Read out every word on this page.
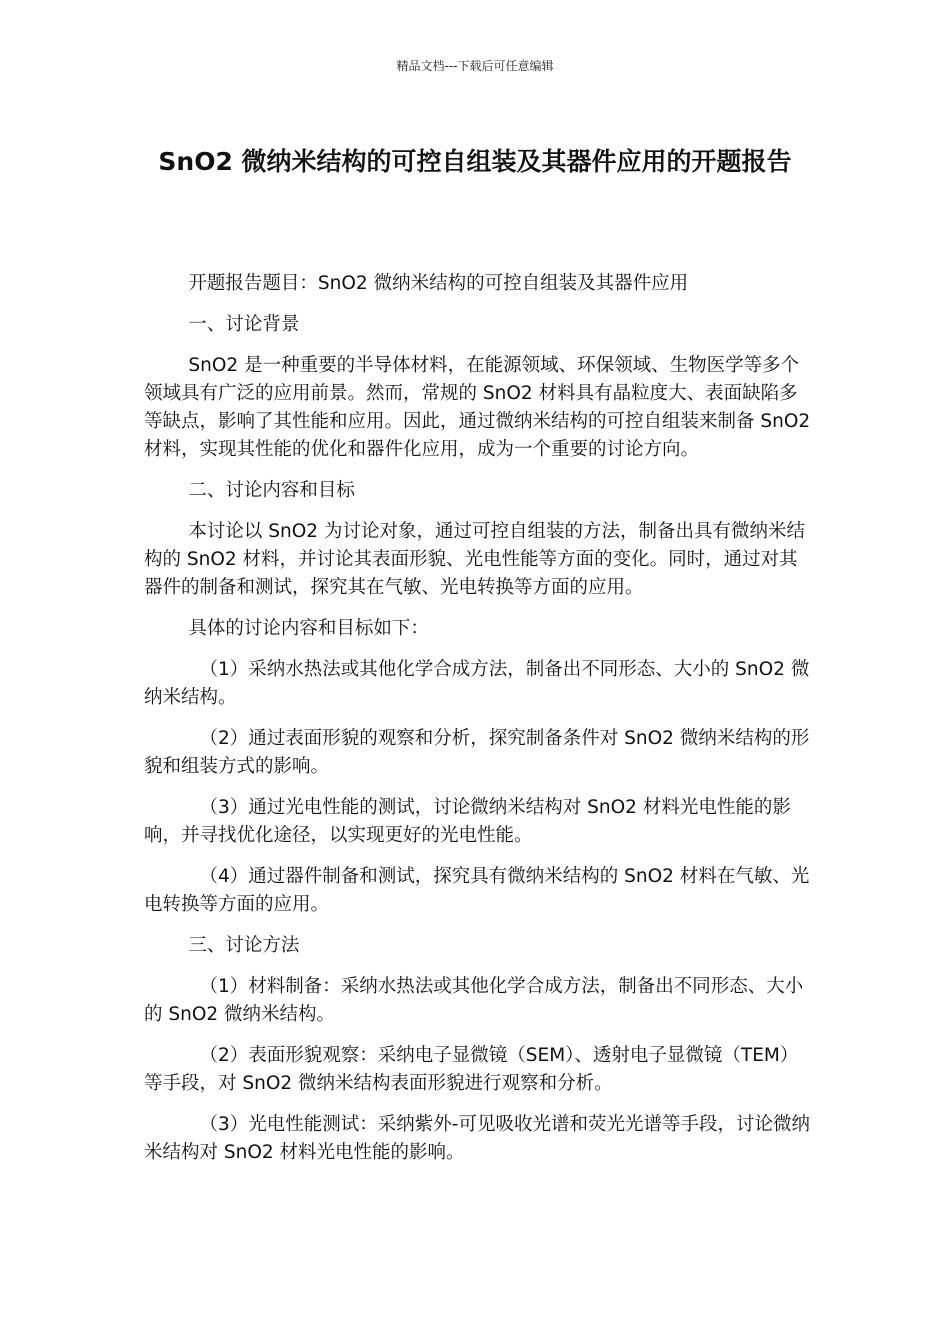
精品文档---下载后可任意编辑
SnO2 微纳米结构的可控自组装及其器件应用的开题报告

开题报告题目：SnO2 微纳米结构的可控自组装及其器件应用

一、讨论背景

SnO2 是一种重要的半导体材料，在能源领域、环保领域、生物医学等多个领域具有广泛的应用前景。然而，常规的 SnO2 材料具有晶粒度大、表面缺陷多等缺点，影响了其性能和应用。因此，通过微纳米结构的可控自组装来制备 SnO2 材料，实现其性能的优化和器件化应用，成为一个重要的讨论方向。

二、讨论内容和目标

本讨论以 SnO2 为讨论对象，通过可控自组装的方法，制备出具有微纳米结构的 SnO2 材料，并讨论其表面形貌、光电性能等方面的变化。同时，通过对其器件的制备和测试，探究其在气敏、光电转换等方面的应用。

具体的讨论内容和目标如下：

（1）采纳水热法或其他化学合成方法，制备出不同形态、大小的 SnO2 微纳米结构。

（2）通过表面形貌的观察和分析，探究制备条件对 SnO2 微纳米结构的形貌和组装方式的影响。

（3）通过光电性能的测试，讨论微纳米结构对 SnO2 材料光电性能的影响，并寻找优化途径，以实现更好的光电性能。

（4）通过器件制备和测试，探究具有微纳米结构的 SnO2 材料在气敏、光电转换等方面的应用。

三、讨论方法

（1）材料制备：采纳水热法或其他化学合成方法，制备出不同形态、大小的 SnO2 微纳米结构。

（2）表面形貌观察：采纳电子显微镜（SEM）、透射电子显微镜（TEM）等手段，对 SnO2 微纳米结构表面形貌进行观察和分析。

（3）光电性能测试：采纳紫外-可见吸收光谱和荧光光谱等手段，讨论微纳米结构对 SnO2 材料光电性能的影响。
